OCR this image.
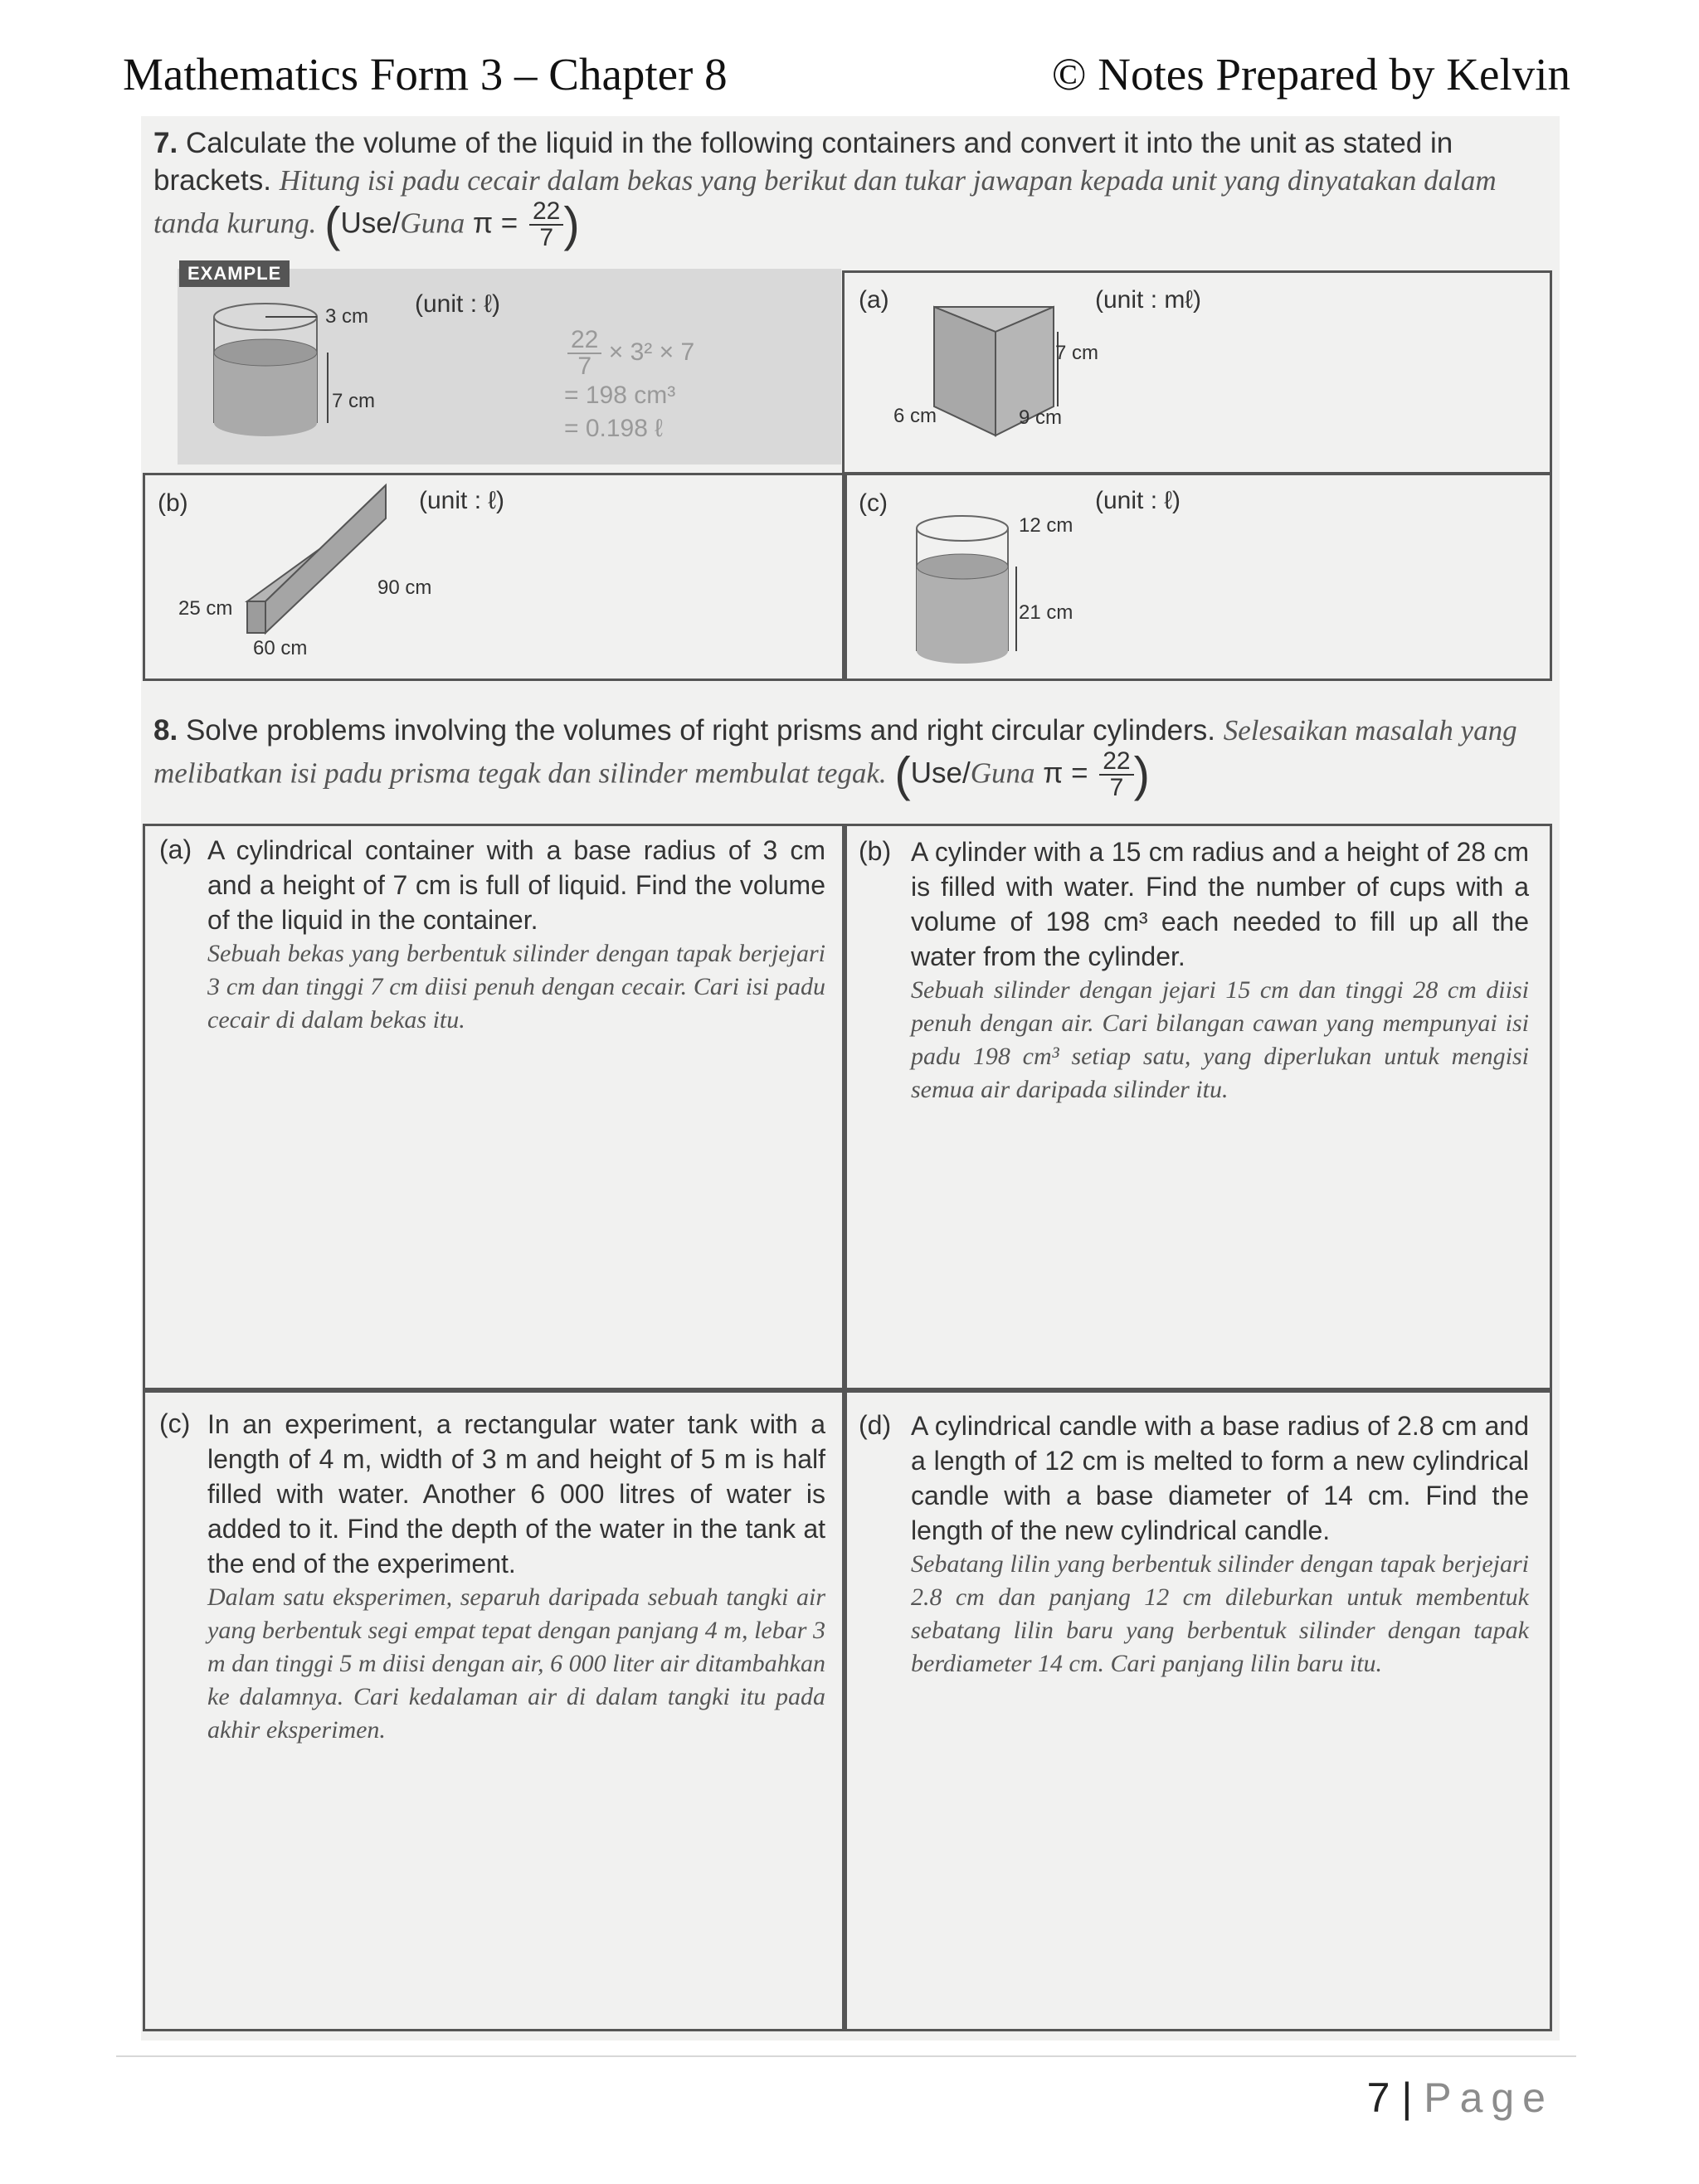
Mathematics Form 3 – Chapter 8	© Notes Prepared by Kelvin
7. Calculate the volume of the liquid in the following containers and convert it into the unit as stated in brackets. Hitung isi padu cecair dalam bekas yang berikut dan tukar jawapan kepada unit yang dinyatakan dalam tanda kurung. (Use/Guna $\pi = \frac{22}{7}$ )
EXAMPLE
3 cm
7 cm
(unit : ℓ)
$\frac{22}{7} \times 3^2 \times 7$
= 198 cm³
= 0.198 ℓ
(a)	(unit : mℓ)
7 cm
6 cm	9 cm
(b)	(unit : ℓ)
25 cm
60 cm
90 cm
(c)	(unit : ℓ)
12 cm
21 cm
8. Solve problems involving the volumes of right prisms and right circular cylinders. Selesaikan masalah yang melibatkan isi padu prisma tegak dan silinder membulat tegak. (Use/Guna $\pi = \frac{22}{7}$ )
(a) A cylindrical container with a base radius of 3 cm and a height of 7 cm is full of liquid. Find the volume of the liquid in the container.
Sebuah bekas yang berbentuk silinder dengan tapak berjejari 3 cm dan tinggi 7 cm diisi penuh dengan cecair. Cari isi padu cecair di dalam bekas itu.
(b) A cylinder with a 15 cm radius and a height of 28 cm is filled with water. Find the number of cups with a volume of 198 cm³ each needed to fill up all the water from the cylinder.
Sebuah silinder dengan jejari 15 cm dan tinggi 28 cm diisi penuh dengan air. Cari bilangan cawan yang mempunyai isi padu 198 cm³ setiap satu, yang diperlukan untuk mengisi semua air daripada silinder itu.
(c) In an experiment, a rectangular water tank with a length of 4 m, width of 3 m and height of 5 m is half filled with water. Another 6 000 litres of water is added to it. Find the depth of the water in the tank at the end of the experiment.
Dalam satu eksperimen, separuh daripada sebuah tangki air yang berbentuk segi empat tepat dengan panjang 4 m, lebar 3 m dan tinggi 5 m diisi dengan air, 6 000 liter air ditambahkan ke dalamnya. Cari kedalaman air di dalam tangki itu pada akhir eksperimen.
(d) A cylindrical candle with a base radius of 2.8 cm and a length of 12 cm is melted to form a new cylindrical candle with a base diameter of 14 cm. Find the length of the new cylindrical candle.
Sebatang lilin yang berbentuk silinder dengan tapak berjejari 2.8 cm dan panjang 12 cm dileburkan untuk membentuk sebatang lilin baru yang berbentuk silinder dengan tapak berdiameter 14 cm. Cari panjang lilin baru itu.
7 | Page
